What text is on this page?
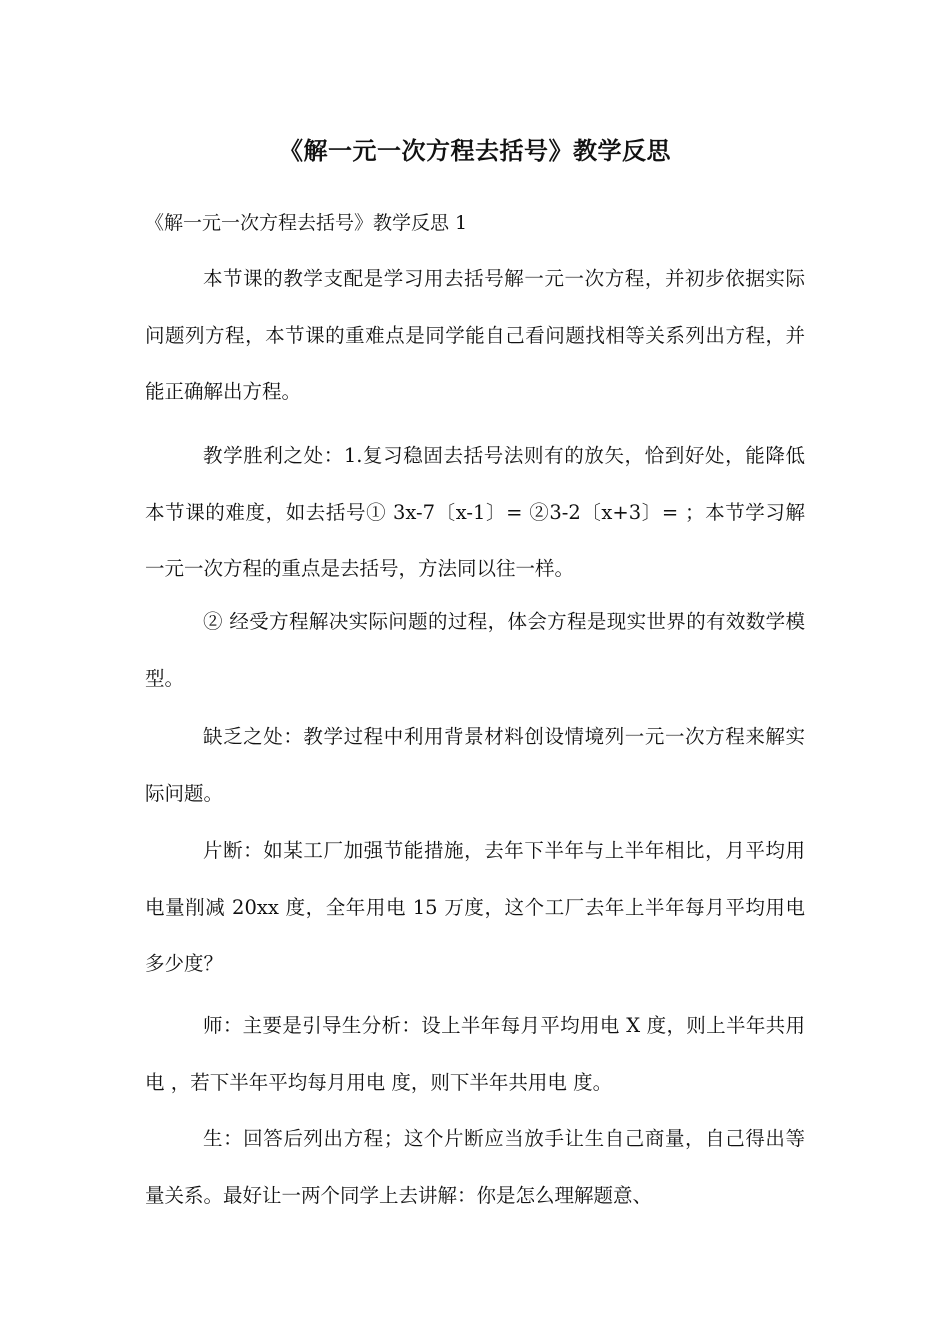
《解一元一次方程去括号》教学反思
《解一元一次方程去括号》教学反思 1

本节课的教学支配是学习用去括号解一元一次方程，并初步依据实际问题列方程，本节课的重难点是同学能自己看问题找相等关系列出方程，并能正确解出方程。

教学胜利之处：1.复习稳固去括号法则有的放矢，恰到好处，能降低本节课的难度，如去括号① 3x-7〔x-1〕= ②3-2〔x+3〕= ；本节学习解一元一次方程的重点是去括号，方法同以往一样。

② 经受方程解决实际问题的过程，体会方程是现实世界的有效数学模型。

缺乏之处：教学过程中利用背景材料创设情境列一元一次方程来解实际问题。

片断：如某工厂加强节能措施，去年下半年与上半年相比，月平均用电量削减 20xx 度，全年用电 15 万度，这个工厂去年上半年每月平均用电多少度？

师：主要是引导生分析：设上半年每月平均用电 X 度，则上半年共用电 ，若下半年平均每月用电 度，则下半年共用电 度。

生：回答后列出方程；这个片断应当放手让生自己商量，自己得出等量关系。最好让一两个同学上去讲解：你是怎么理解题意、
